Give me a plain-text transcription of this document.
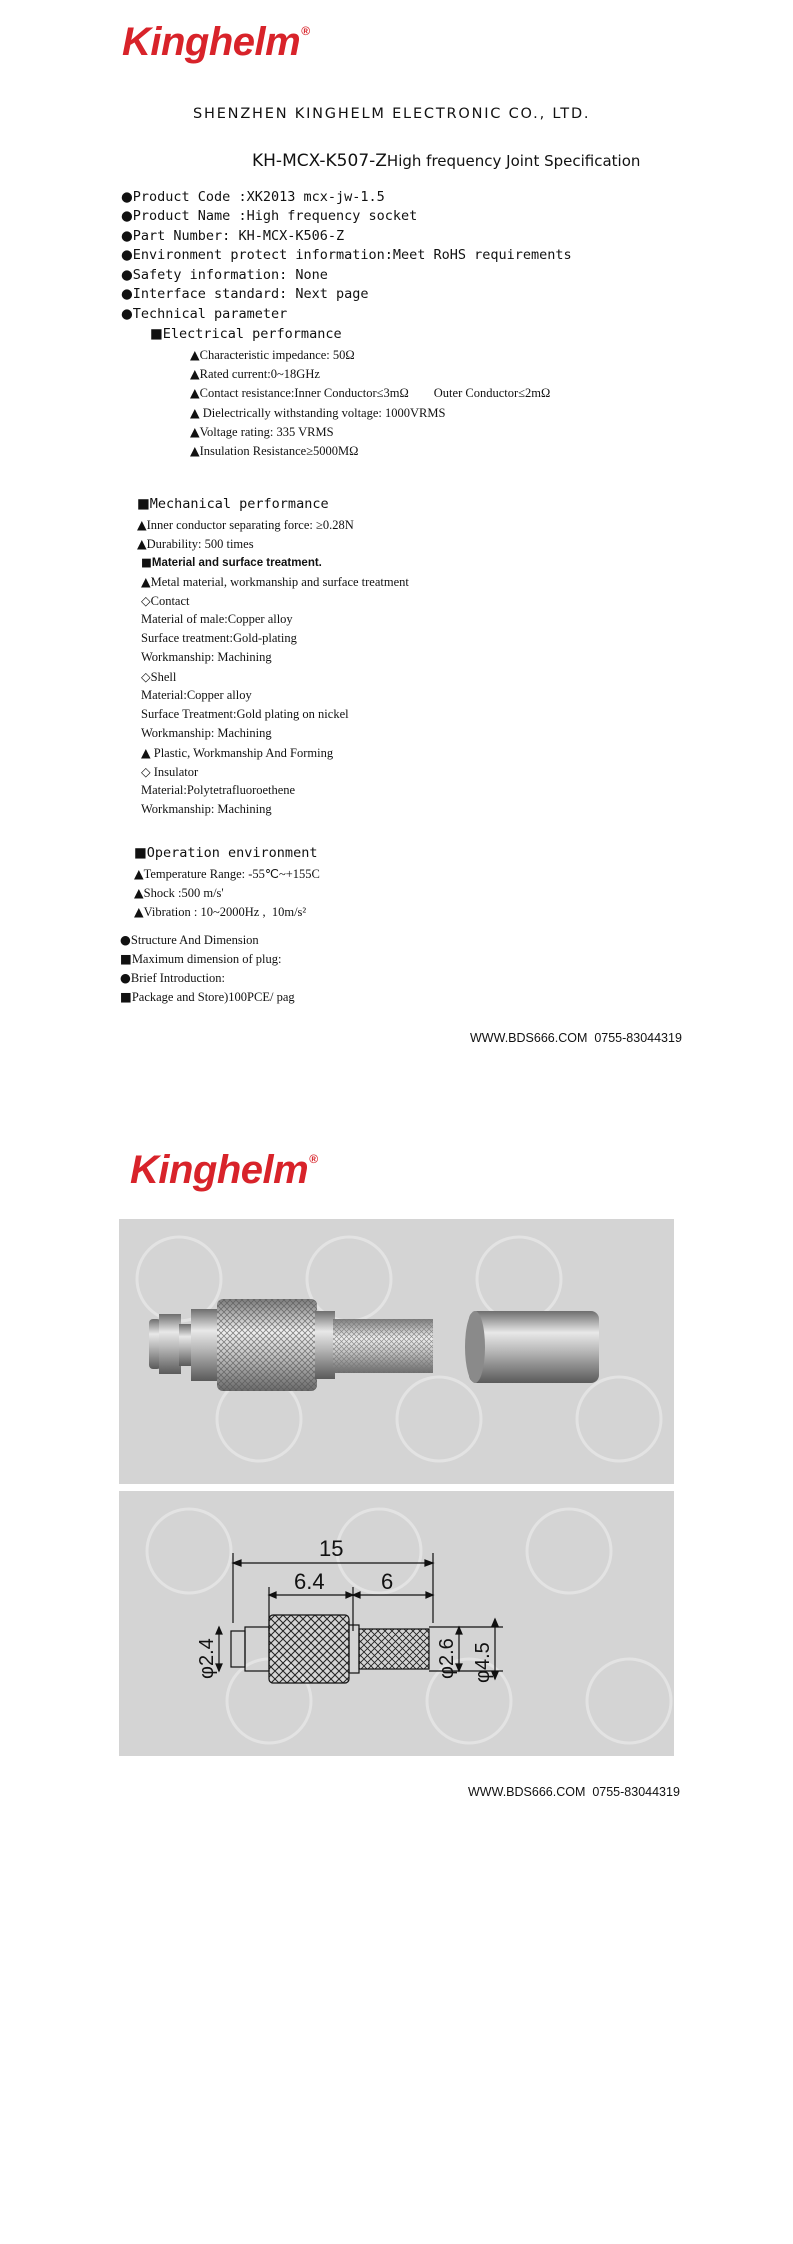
Kinghelm®
SHENZHEN KINGHELM ELECTRONIC CO., LTD.
KH-MCX-K507-ZHigh frequency Joint Specification
●Product Code :XK2013 mcx-jw-1.5
●Product Name :High frequency socket
●Part Number: KH-MCX-K506-Z
●Environment protect information:Meet RoHS requirements
●Safety information: None
●Interface standard: Next page
●Technical parameter
■Electrical performance
▲Characteristic impedance: 50Ω
▲Rated current:0~18GHz
▲Contact resistance:Inner Conductor≤3mΩ        Outer Conductor≤2mΩ
▲ Dielectrically withstanding voltage: 1000VRMS
▲Voltage rating: 335 VRMS
▲Insulation Resistance≥5000MΩ
■Mechanical performance
▲Inner conductor separating force: ≥0.28N
▲Durability: 500 times
■Material and surface treatment.
▲Metal material, workmanship and surface treatment
◇Contact
Material of male:Copper alloy
Surface treatment:Gold-plating
Workmanship: Machining
◇Shell
Material:Copper alloy
Surface Treatment:Gold plating on nickel
Workmanship: Machining
▲ Plastic, Workmanship And Forming
◇ Insulator
Material:Polytetrafluoroethene
Workmanship: Machining
■Operation environment
▲Temperature Range: -55℃~+155C
▲Shock :500 m/s'
▲Vibration : 10~2000Hz ,  10m/s²
●Structure And Dimension
■Maximum dimension of plug:
●Brief Introduction:
■Package and Store)100PCE/ pag
WWW.BDS666.COM  0755-83044319
Kinghelm®
15
6.4	6
φ2.4	φ2.6 φ4.5
WWW.BDS666.COM  0755-83044319
